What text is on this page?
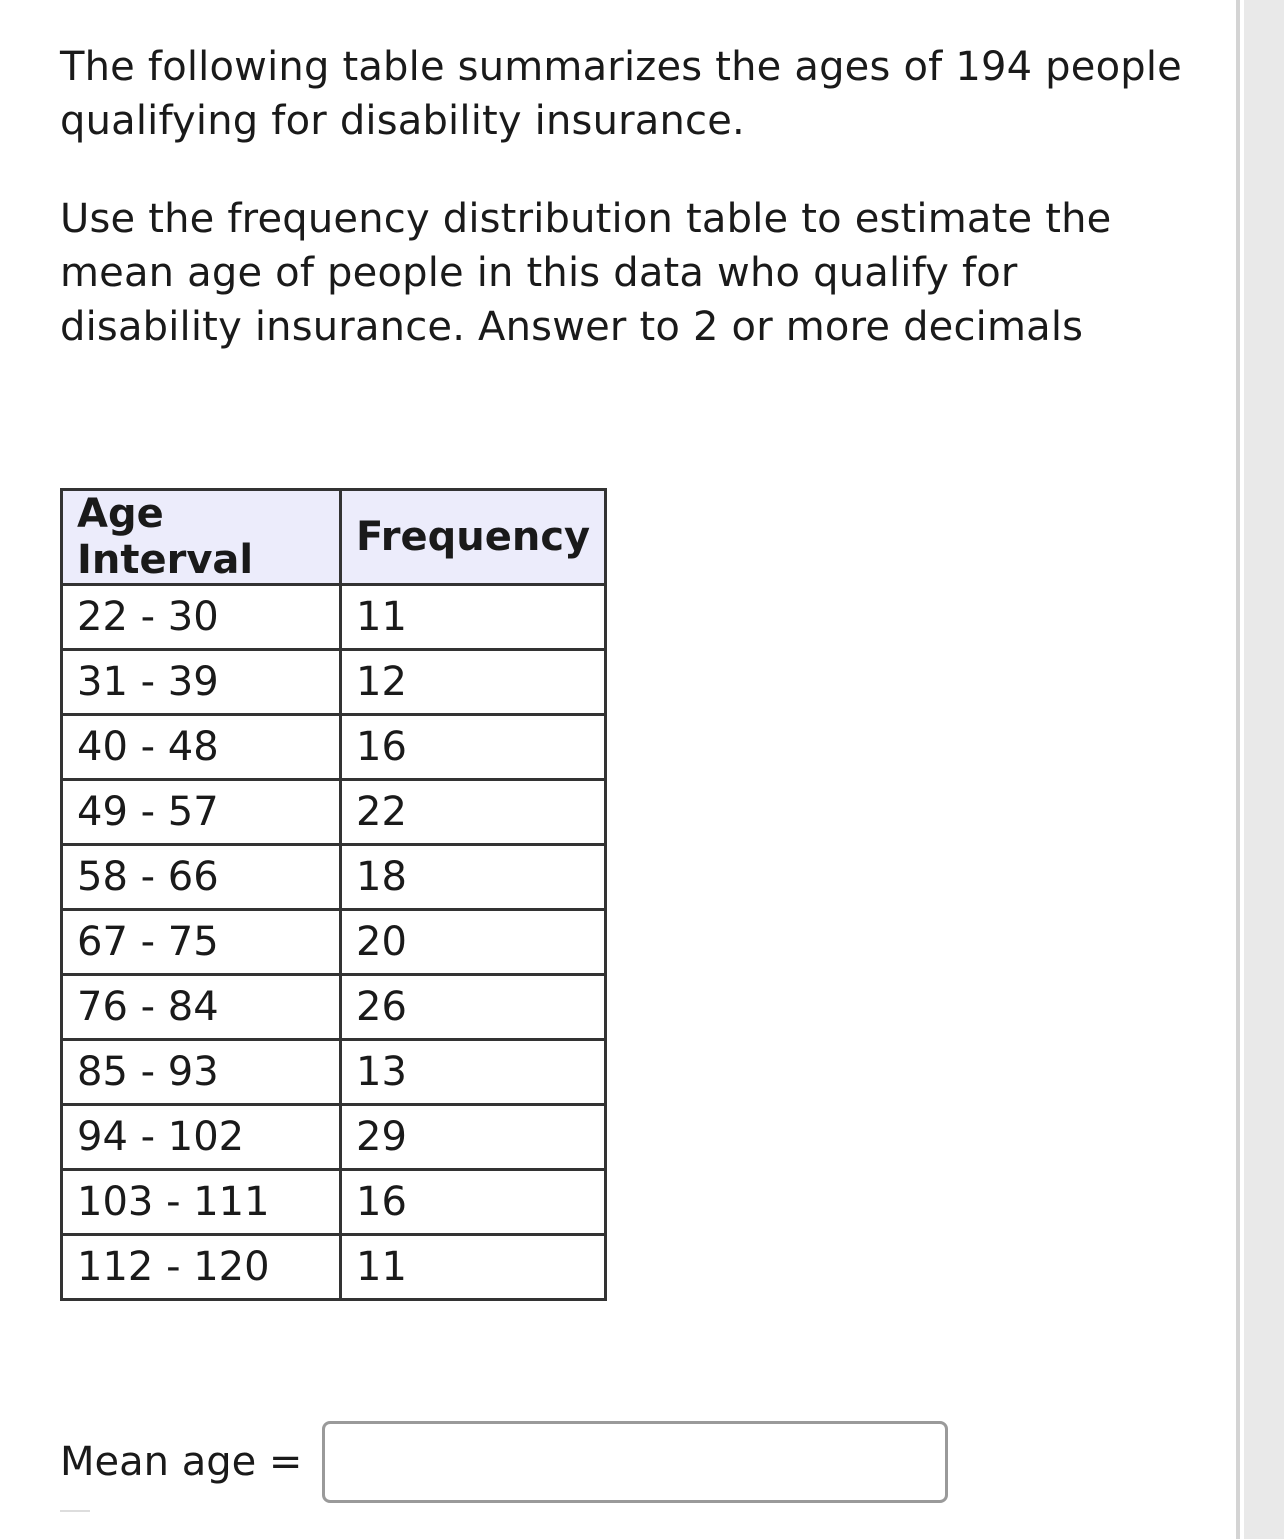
The following table summarizes the ages of 194 people qualifying for disability insurance.

Use the frequency distribution table to estimate the mean age of people in this data who qualify for disability insurance. Answer to 2 or more decimals

Age Interval	Frequency
22 - 30	11
31 - 39	12
40 - 48	16
49 - 57	22
58 - 66	18
67 - 75	20
76 - 84	26
85 - 93	13
94 - 102	29
103 - 111	16
112 - 120	11
Mean age =
